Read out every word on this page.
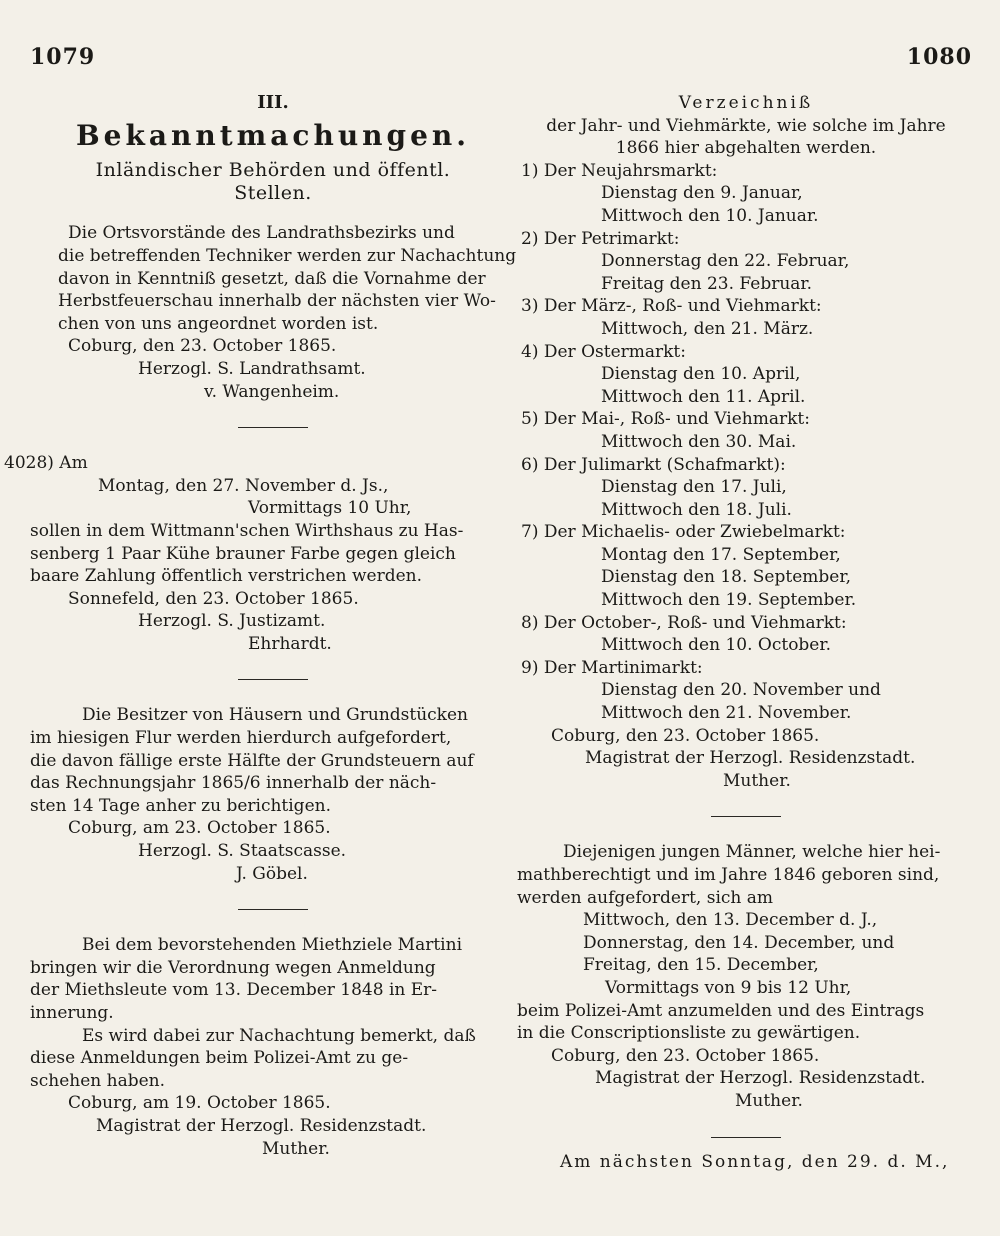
1079	1080
III.
Bekanntmachungen.
Inländischer Behörden und öffentl. Stellen.
Die Ortsvorstände des Landrathsbezirks und
die betreffenden Techniker werden zur Nachachtung
davon in Kenntniß gesetzt, daß die Vornahme der
Herbstfeuerschau innerhalb der nächsten vier Wo-
chen von uns angeordnet worden ist.
Coburg, den 23. October 1865.
Herzogl. S. Landrathsamt.
v. Wangenheim.
4028) Am
Montag, den 27. November d. Js.,
Vormittags 10 Uhr,
sollen in dem Wittmann'schen Wirthshaus zu Has-
senberg 1 Paar Kühe brauner Farbe gegen gleich
baare Zahlung öffentlich verstrichen werden.
Sonnefeld, den 23. October 1865.
Herzogl. S. Justizamt.
Ehrhardt.
Die Besitzer von Häusern und Grundstücken
im hiesigen Flur werden hierdurch aufgefordert,
die davon fällige erste Hälfte der Grundsteuern auf
das Rechnungsjahr 1865/6 innerhalb der näch-
sten 14 Tage anher zu berichtigen.
Coburg, am 23. October 1865.
Herzogl. S. Staatscasse.
J. Göbel.
Bei dem bevorstehenden Miethziele Martini
bringen wir die Verordnung wegen Anmeldung
der Miethsleute vom 13. December 1848 in Er-
innerung.
Es wird dabei zur Nachachtung bemerkt, daß
diese Anmeldungen beim Polizei-Amt zu ge-
schehen haben.
Coburg, am 19. October 1865.
Magistrat der Herzogl. Residenzstadt.
Muther.
Verzeichniß
der Jahr- und Viehmärkte, wie solche im Jahre
1866 hier abgehalten werden.
1) Der Neujahrsmarkt:
Dienstag den 9. Januar,
Mittwoch den 10. Januar.
2) Der Petrimarkt:
Donnerstag den 22. Februar,
Freitag den 23. Februar.
3) Der März-, Roß- und Viehmarkt:
Mittwoch, den 21. März.
4) Der Ostermarkt:
Dienstag den 10. April,
Mittwoch den 11. April.
5) Der Mai-, Roß- und Viehmarkt:
Mittwoch den 30. Mai.
6) Der Julimarkt (Schafmarkt):
Dienstag den 17. Juli,
Mittwoch den 18. Juli.
7) Der Michaelis- oder Zwiebelmarkt:
Montag den 17. September,
Dienstag den 18. September,
Mittwoch den 19. September.
8) Der October-, Roß- und Viehmarkt:
Mittwoch den 10. October.
9) Der Martinimarkt:
Dienstag den 20. November und
Mittwoch den 21. November.
Coburg, den 23. October 1865.
Magistrat der Herzogl. Residenzstadt.
Muther.
Diejenigen jungen Männer, welche hier hei-
mathberechtigt und im Jahre 1846 geboren sind,
werden aufgefordert, sich am
Mittwoch, den 13. December d. J.,
Donnerstag, den 14. December, und
Freitag, den 15. December,
Vormittags von 9 bis 12 Uhr,
beim Polizei-Amt anzumelden und des Eintrags
in die Conscriptionsliste zu gewärtigen.
Coburg, den 23. October 1865.
Magistrat der Herzogl. Residenzstadt.
Muther.
Am nächsten Sonntag, den 29. d. M.,
